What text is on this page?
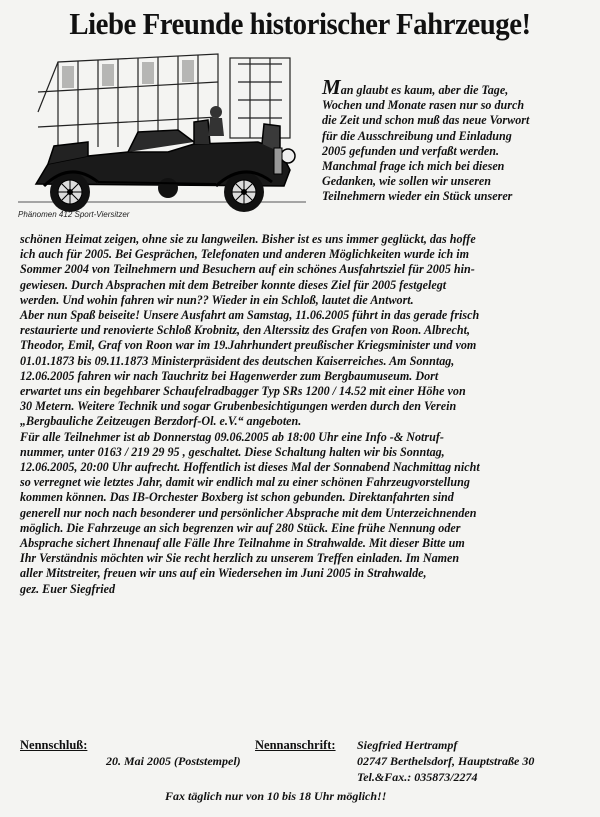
Liebe Freunde historischer Fahrzeuge!
Phänomen 412 Sport-Viersitzer
Man glaubt es kaum, aber die Tage,
Wochen und Monate rasen nur so durch
die Zeit und schon muß das neue Vorwort
für die Ausschreibung und Einladung
2005 gefunden und verfaßt werden.
Manchmal frage ich mich bei diesen
Gedanken, wie sollen wir unseren
Teilnehmern wieder ein Stück unserer
schönen Heimat zeigen, ohne sie zu langweilen. Bisher ist es uns immer geglückt, das hoffe
ich auch für 2005. Bei Gesprächen, Telefonaten und anderen Möglichkeiten wurde ich im
Sommer 2004 von Teilnehmern und Besuchern auf ein schönes Ausfahrtsziel für 2005 hin-
gewiesen. Durch Absprachen mit dem Betreiber konnte dieses Ziel für 2005 festgelegt
werden. Und wohin fahren wir nun?? Wieder in ein Schloß, lautet die Antwort.
Aber nun Spaß beiseite! Unsere Ausfahrt am Samstag, 11.06.2005 führt in das gerade frisch
restaurierte und renovierte Schloß Krobnitz, den Alterssitz des Grafen von Roon. Albrecht,
Theodor, Emil, Graf von Roon war im 19.Jahrhundert preußischer Kriegsminister und vom
01.01.1873 bis 09.11.1873 Ministerpräsident des deutschen Kaiserreiches. Am Sonntag,
12.06.2005 fahren wir nach Tauchritz bei Hagenwerder zum Bergbaumuseum. Dort
erwartet uns ein begehbarer Schaufelradbagger Typ SRs 1200 / 14.52 mit einer Höhe von
30 Metern. Weitere Technik und sogar Grubenbesichtigungen werden durch den Verein
„Bergbauliche Zeitzeugen Berzdorf-Ol. e.V.“ angeboten.
Für alle Teilnehmer ist ab Donnerstag 09.06.2005 ab 18:00 Uhr eine Info -& Notruf-
nummer, unter 0163 / 219 29 95 , geschaltet. Diese Schaltung halten wir bis Sonntag,
12.06.2005, 20:00 Uhr aufrecht. Hoffentlich ist dieses Mal der Sonnabend Nachmittag nicht
so verregnet wie letztes Jahr, damit wir endlich mal zu einer schönen Fahrzeugvorstellung
kommen können. Das IB-Orchester Boxberg ist schon gebunden. Direktanfahrten sind
generell nur noch nach besonderer und persönlicher Absprache mit dem Unterzeichnenden
möglich. Die Fahrzeuge an sich begrenzen wir auf 280 Stück. Eine frühe Nennung oder
Absprache sichert Ihnenauf alle Fälle Ihre Teilnahme in Strahwalde. Mit dieser Bitte um
Ihr Verständnis möchten wir Sie recht herzlich zu unserem Treffen einladen. Im Namen
aller Mitstreiter, freuen wir uns auf ein Wiedersehen im Juni 2005 in Strahwalde,
gez. Euer Siegfried
Nennschluß:
20. Mai 2005 (Poststempel)
Nennanschrift: Siegfried Hertrampf
02747 Berthelsdorf, Hauptstraße 30
Tel.&Fax.: 035873/2274
Fax täglich nur von 10 bis 18 Uhr möglich!!
